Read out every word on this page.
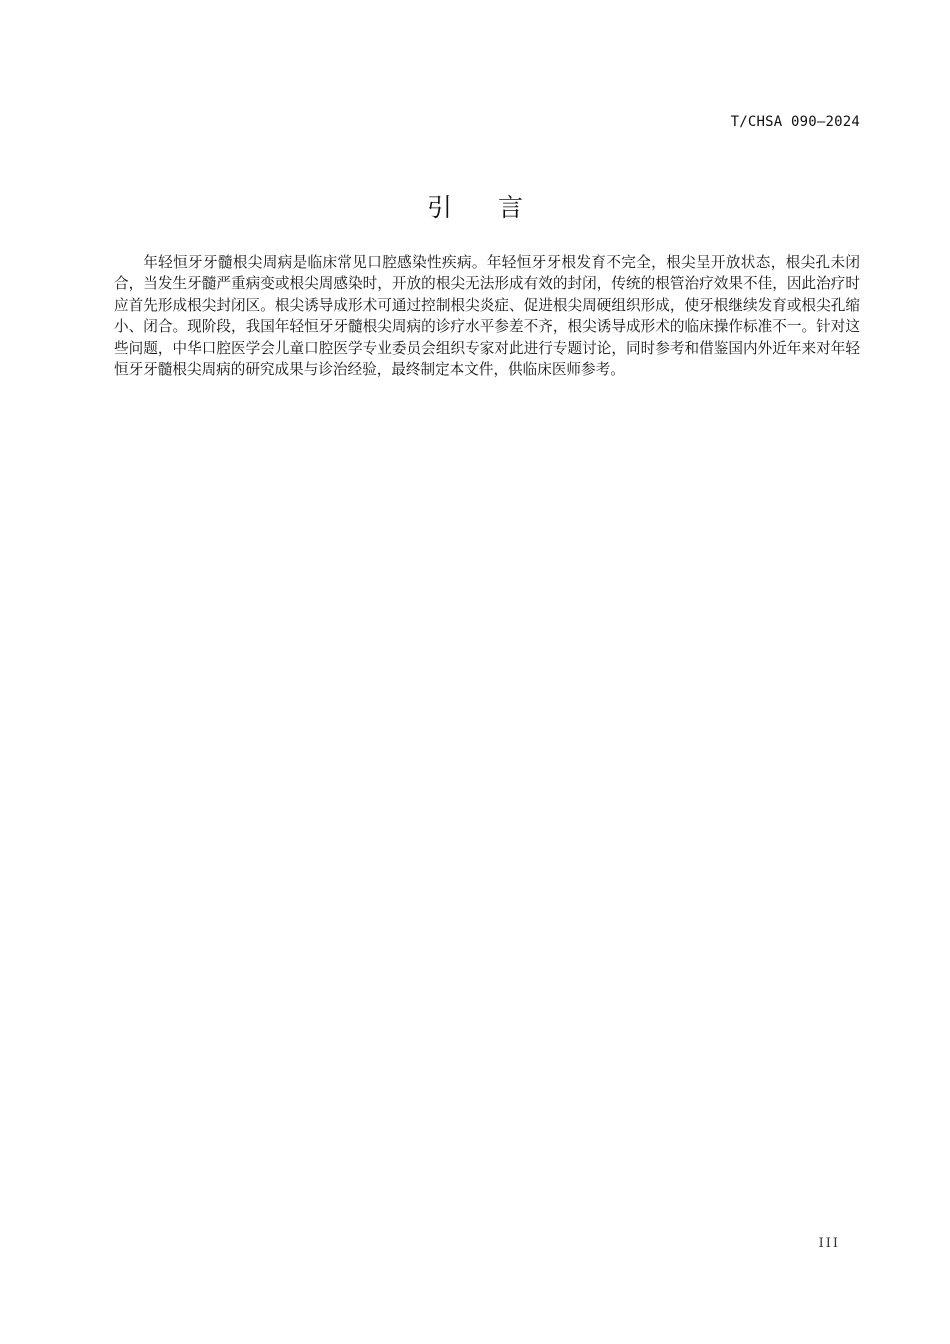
T/CHSA 090—2024
引 言

年轻恒牙牙髓根尖周病是临床常见口腔感染性疾病。年轻恒牙牙根发育不完全，根尖呈开放状态，根尖孔未闭合，当发生牙髓严重病变或根尖周感染时，开放的根尖无法形成有效的封闭，传统的根管治疗效果不佳，因此治疗时应首先形成根尖封闭区。根尖诱导成形术可通过控制根尖炎症、促进根尖周硬组织形成，使牙根继续发育或根尖孔缩小、闭合。现阶段，我国年轻恒牙牙髓根尖周病的诊疗水平参差不齐，根尖诱导成形术的临床操作标准不一。针对这些问题，中华口腔医学会儿童口腔医学专业委员会组织专家对此进行专题讨论，同时参考和借鉴国内外近年来对年轻恒牙牙髓根尖周病的研究成果与诊治经验，最终制定本文件，供临床医师参考。

III
